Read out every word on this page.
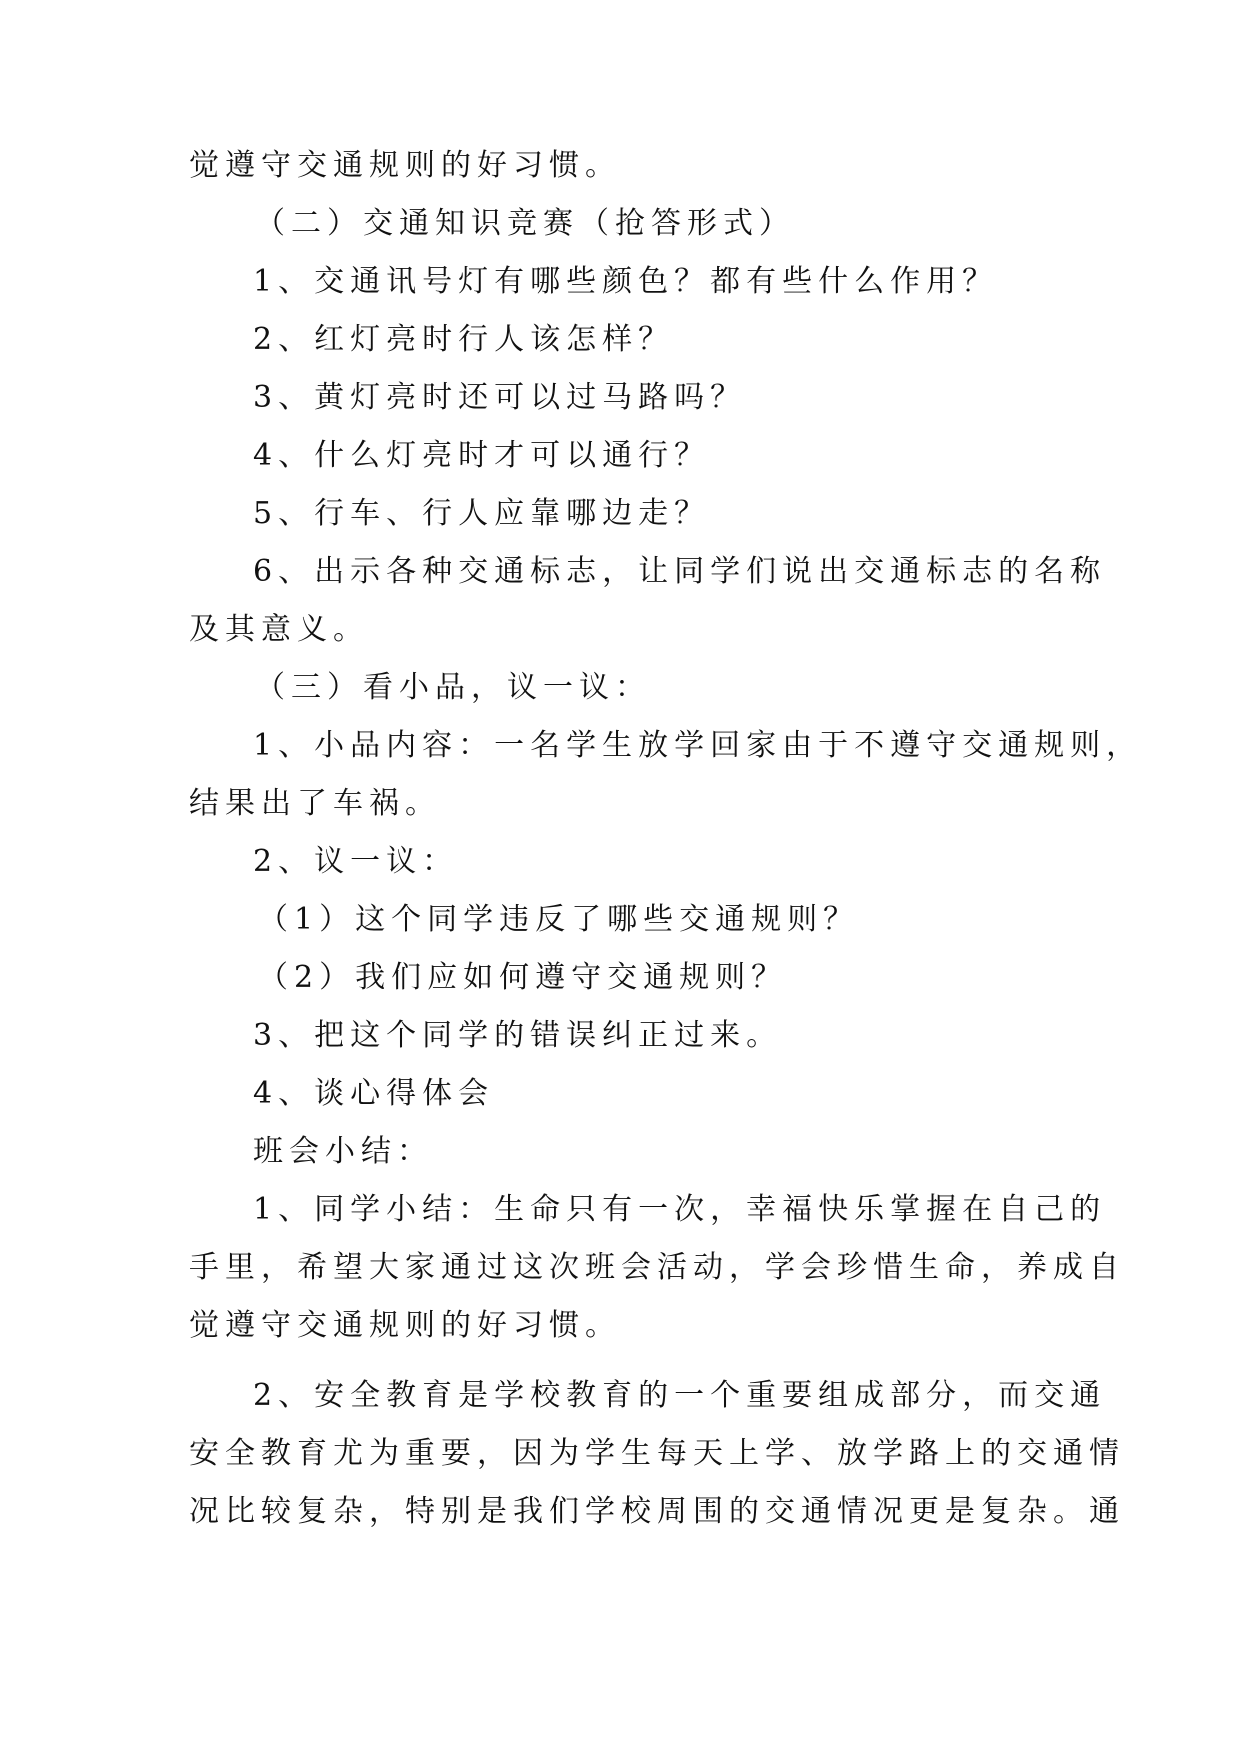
觉遵守交通规则的好习惯。
（二）交通知识竞赛（抢答形式）
1、交通讯号灯有哪些颜色？都有些什么作用？
2、红灯亮时行人该怎样？
3、黄灯亮时还可以过马路吗？
4、什么灯亮时才可以通行？
5、行车、行人应靠哪边走？
6、出示各种交通标志，让同学们说出交通标志的名称
及其意义。
（三）看小品，议一议：
1、小品内容：一名学生放学回家由于不遵守交通规则，
结果出了车祸。
2、议一议：
（1）这个同学违反了哪些交通规则？
（2）我们应如何遵守交通规则？
3、把这个同学的错误纠正过来。
4、谈心得体会
班会小结：
1、同学小结：生命只有一次，幸福快乐掌握在自己的
手里，希望大家通过这次班会活动，学会珍惜生命，养成自
觉遵守交通规则的好习惯。
2、安全教育是学校教育的一个重要组成部分，而交通
安全教育尤为重要，因为学生每天上学、放学路上的交通情
况比较复杂，特别是我们学校周围的交通情况更是复杂。通
